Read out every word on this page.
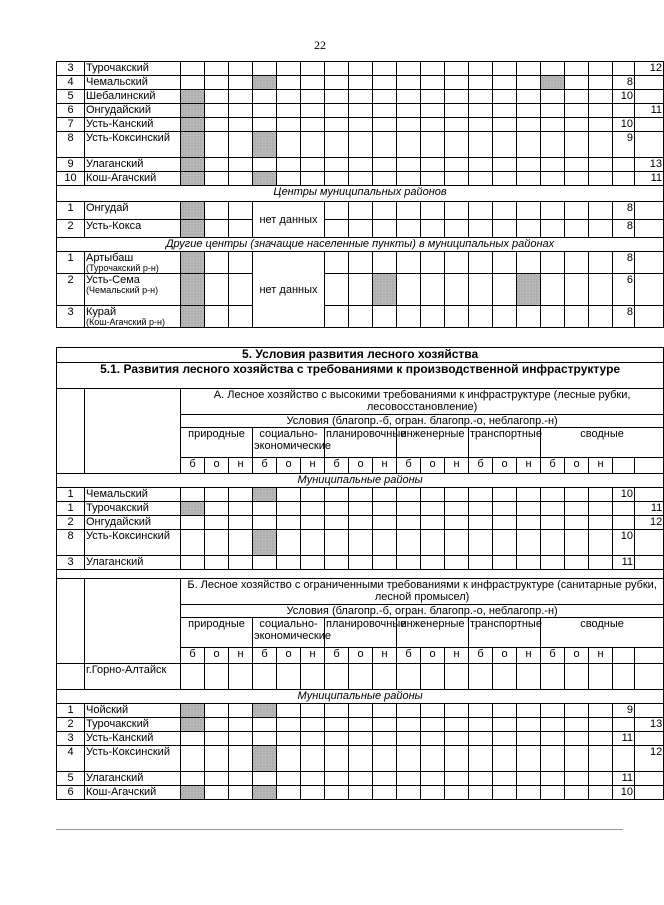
22
3	Турочакский																				12
4	Чемальский																			8	
5	Шебалинский																			10	
6	Онгудайский																				11
7	Усть-Канский																			10	
8	Усть-Коксинский																			9	
9	Улаганский																				13
10	Кош-Агачский																				11
Центры муниципальных районов																					
1	Онгудай				нет данных															8	
2	Усть-Кокса																			8	
Другие центры (значащие населенные пункты) в муниципальных районах																					
1	Артыбаш
(Турочакский р-н)				нет данных															8	
2	Усть-Сема
(Чемальский р-н)																			6	
3	Курай
(Кош-Агачский р-н)																			8	
5. Условия развития лесного хозяйства																					
5.1. Развития лесного хозяйства с требованиями к производственной инфраструктуре																					
		А. Лесное хозяйство с высокими требованиями к инфраструктуре (лесные рубки, лесовосстановление)																			
		Условия (благопр.-б, огран. благопр.-о, неблагопр.-н)																			
		природные			социально-экономические			планировочные			инженерные			транспортные			сводные				
		б	о	н	б	о	н	б	о	н	б	о	н	б	о	н	б	о	н		
Муниципальные районы																					
1	Чемальский																			10	
1	Турочакский																				11
2	Онгудайский																				12
8	Усть-Коксинский																			10	
3	Улаганский																			11	

		Б. Лесное хозяйство с ограниченными требованиями к инфраструктуре (санитарные рубки, лесной промысел)																			
		Условия (благопр.-б, огран. благопр.-о, неблагопр.-н)																			
		природные			социально-экономические			планировочные			инженерные			транспортные			сводные				
		б	о	н	б	о	н	б	о	н	б	о	н	б	о	н	б	о	н		
	г.Горно-Алтайск																				
Муниципальные районы																					
1	Чойский																			9	
2	Турочакский																				13
3	Усть-Канский																			11	
4	Усть-Коксинский																				12
5	Улаганский																			11	
6	Кош-Агачский																			10	
